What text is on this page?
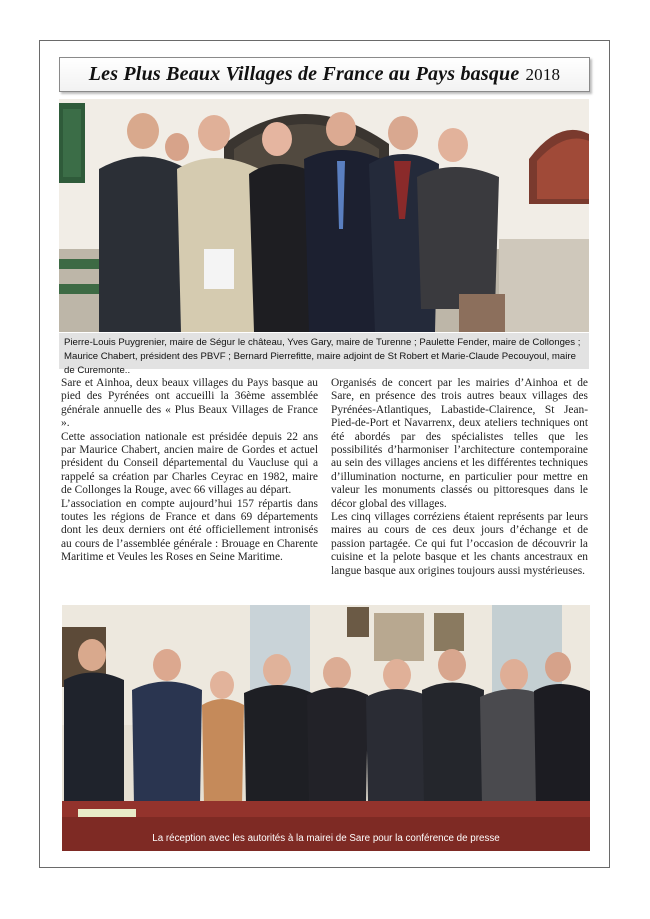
Les Plus Beaux Villages de France au Pays basque 2018
Pierre-Louis Puygrenier, maire de Ségur le château, Yves Gary, maire de Turenne ; Paulette Fender, maire de Collonges ; Maurice Chabert, président des PBVF ; Bernard Pierrefitte, maire adjoint de St Robert et Marie-Claude Pecouyoul, maire de Curemonte..

Sare et Ainhoa, deux beaux villages du Pays basque au pied des Pyrénées ont accueilli la 36ème assemblée générale annuelle des « Plus Beaux Villages de France ».

Cette association nationale est présidée depuis 22 ans par Maurice Chabert, ancien maire de Gordes et actuel président du Conseil départemental du Vaucluse qui a rappelé sa création par Charles Ceyrac en 1982, maire de Collonges la Rouge, avec 66 villages au départ.

L’association en compte aujourd’hui 157 répartis dans toutes les régions de France et dans 69 départements dont les deux derniers ont été officiellement intronisés au cours de l’assemblée générale : Brouage en Charente Maritime et Veules les Roses en Seine Maritime.

Organisés de concert par les mairies d’Ainhoa et de Sare, en présence des trois autres beaux villages des Pyrénées-Atlantiques, Labastide-Clairence, St Jean-Pied-de-Port et Navarrenx, deux ateliers techniques ont été abordés par des spécialistes telles que les possibilités d’harmoniser l’architecture contemporaine au sein des villages anciens et les différentes techniques d’illumination nocturne, en particulier pour mettre en valeur les monuments classés ou pittoresques dans le décor global des villages.

Les cinq villages corréziens étaient représents par leurs maires au cours de ces deux jours d’échange et de passion partagée. Ce qui fut l’occasion de découvrir la cuisine et la pelote basque et les chants ancestraux en langue basque aux origines toujours aussi mystérieuses.

La réception avec les autorités à la mairei de Sare pour la conférence de presse
